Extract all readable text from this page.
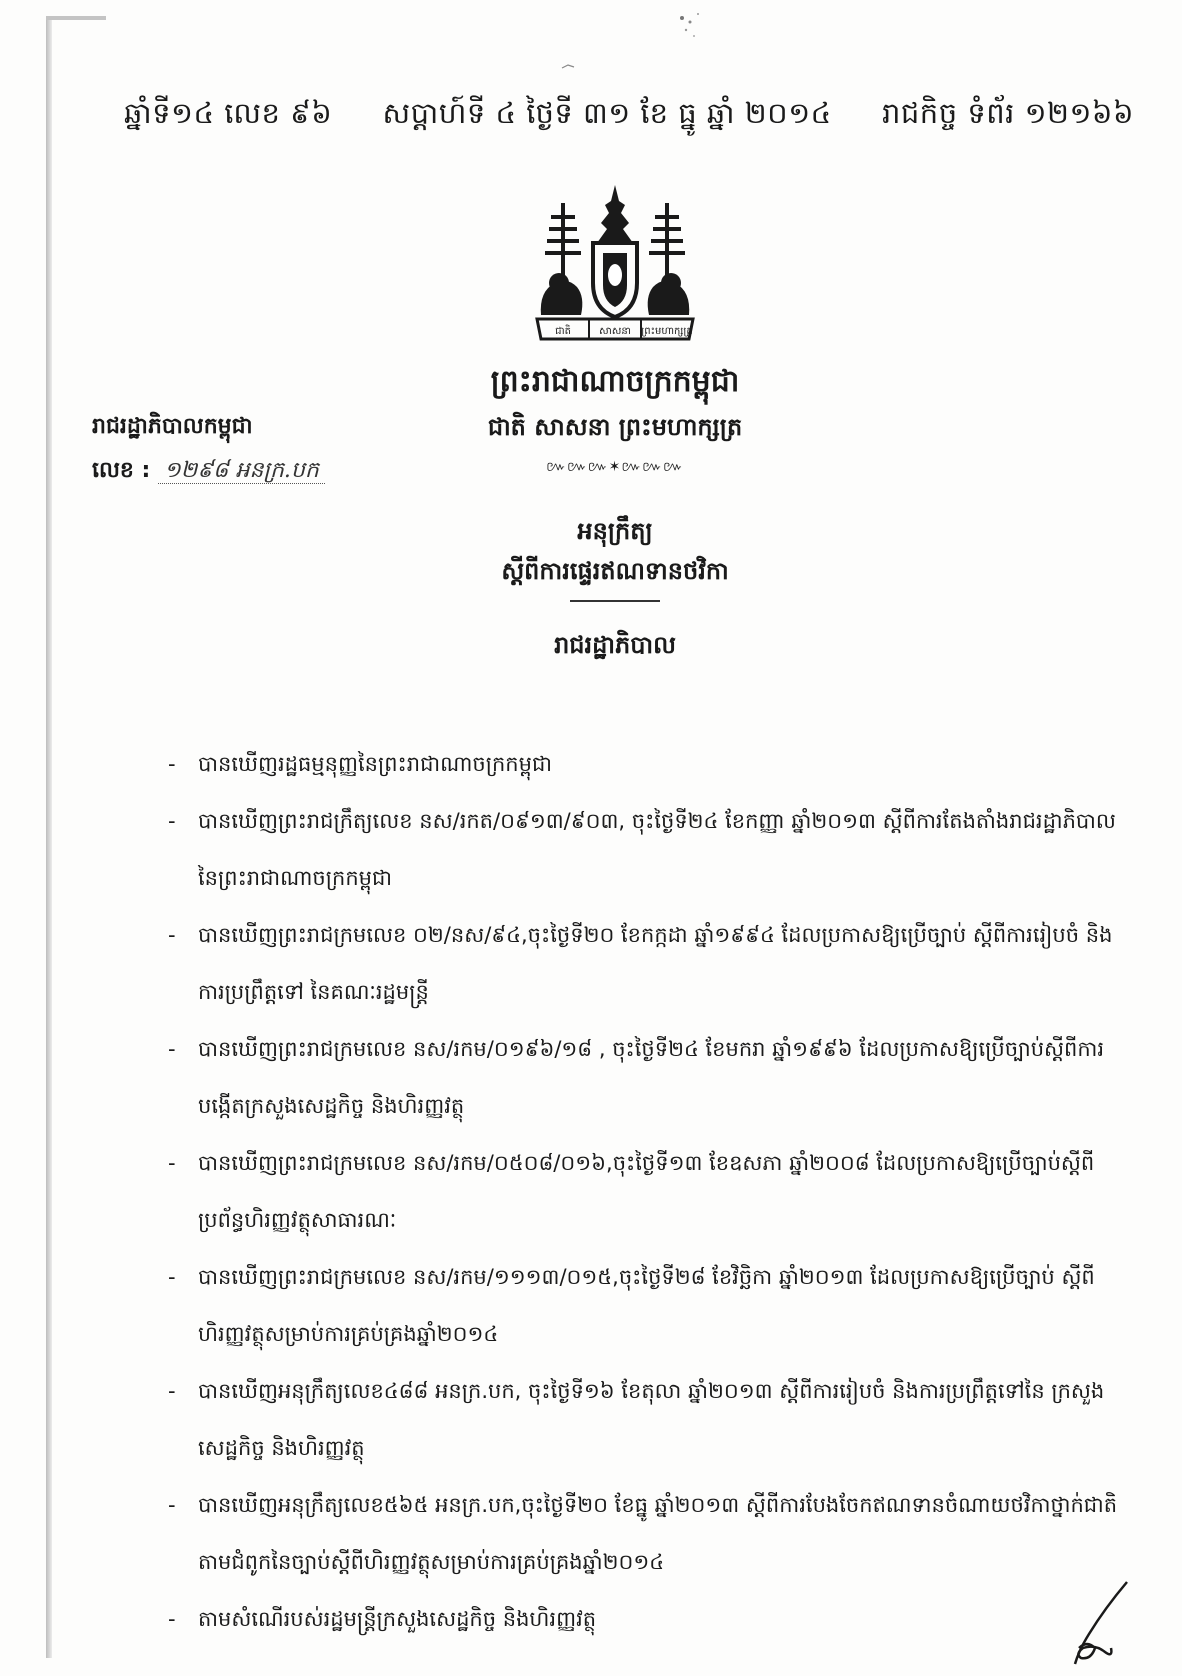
ឆ្នាំទី១៤ លេខ ៩៦ សប្តាហ៍ទី ៤ ថ្ងៃទី ៣១ ខែ ធ្នូ ឆ្នាំ ២០១៤ រាជកិច្ច ទំព័រ ១២១៦៦
ជាតិ	សាសនា ព្រះមហាក្សត្រ
ព្រះរាជាណាចក្រកម្ពុជា
ជាតិ សាសនា ព្រះមហាក្សត្រ
៚៚៚✶៚៚៚
រាជរដ្ឋាភិបាលកម្ពុជា
លេខ : ១២៩៨ អនក្រ.បក
អនុក្រឹត្យ
ស្តីពីការផ្ទេរឥណទានថវិកា
រាជរដ្ឋាភិបាល
-	បានឃើញរដ្ឋធម្មនុញ្ញនៃព្រះរាជាណាចក្រកម្ពុជា
-	បានឃើញព្រះរាជក្រឹត្យលេខ នស/រកត/០៩១៣/៩០៣, ចុះថ្ងៃទី២៤ ខែកញ្ញា ឆ្នាំ២០១៣ ស្តីពីការតែងតាំងរាជរដ្ឋាភិបាល នៃព្រះរាជាណាចក្រកម្ពុជា
-	បានឃើញព្រះរាជក្រមលេខ ០២/នស/៩៤,ចុះថ្ងៃទី២០ ខែកក្កដា ឆ្នាំ១៩៩៤ ដែលប្រកាសឱ្យប្រើច្បាប់ ស្តីពីការរៀបចំ និងការប្រព្រឹត្តទៅ នៃគណៈរដ្ឋមន្ត្រី
-	បានឃើញព្រះរាជក្រមលេខ នស/រកម/០១៩៦/១៨ , ចុះថ្ងៃទី២៤ ខែមករា ឆ្នាំ១៩៩៦ ដែលប្រកាសឱ្យប្រើច្បាប់ស្តីពីការបង្កើតក្រសួងសេដ្ឋកិច្ច និងហិរញ្ញវត្ថុ
-	បានឃើញព្រះរាជក្រមលេខ នស/រកម/០៥០៨/០១៦,ចុះថ្ងៃទី១៣ ខែឧសភា ឆ្នាំ២០០៨ ដែលប្រកាសឱ្យប្រើច្បាប់ស្តីពីប្រព័ន្ធហិរញ្ញវត្ថុសាធារណៈ
-	បានឃើញព្រះរាជក្រមលេខ នស/រកម/១១១៣/០១៥,ចុះថ្ងៃទី២៨ ខែវិច្ឆិកា ឆ្នាំ២០១៣ ដែលប្រកាសឱ្យប្រើច្បាប់ ស្តីពី ហិរញ្ញវត្ថុសម្រាប់ការគ្រប់គ្រងឆ្នាំ២០១៤
-	បានឃើញអនុក្រឹត្យលេខ៤៨៨ អនក្រ.បក, ចុះថ្ងៃទី១៦ ខែតុលា ឆ្នាំ២០១៣ ស្តីពីការរៀបចំ និងការប្រព្រឹត្តទៅនៃ ក្រសួងសេដ្ឋកិច្ច និងហិរញ្ញវត្ថុ
-	បានឃើញអនុក្រឹត្យលេខ៥៦៥ អនក្រ.បក,ចុះថ្ងៃទី២០ ខែធ្នូ ឆ្នាំ២០១៣ ស្តីពីការបែងចែកឥណទានចំណាយថវិកាថ្នាក់ជាតិតាមជំពូកនៃច្បាប់ស្តីពីហិរញ្ញវត្ថុសម្រាប់ការគ្រប់គ្រងឆ្នាំ២០១៤
-	តាមសំណើរបស់រដ្ឋមន្ត្រីក្រសួងសេដ្ឋកិច្ច និងហិរញ្ញវត្ថុ
